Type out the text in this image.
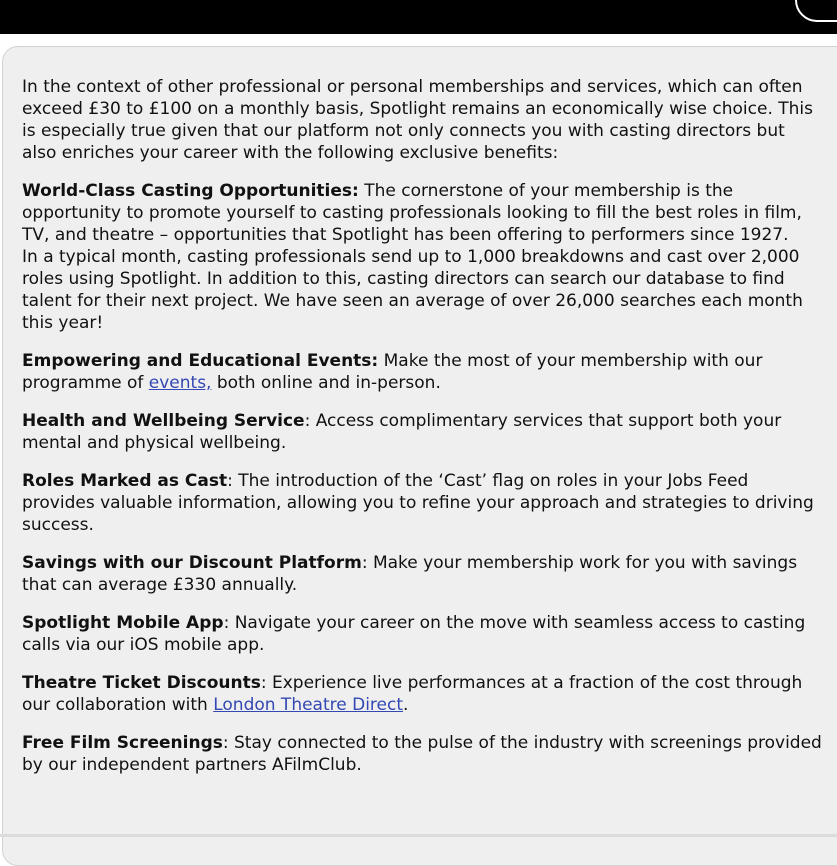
In the context of other professional or personal memberships and services, which can often exceed £30 to £100 on a monthly basis, Spotlight remains an economically wise choice. This is especially true given that our platform not only connects you with casting directors but also enriches your career with the following exclusive benefits:

World-Class Casting Opportunities: The cornerstone of your membership is the opportunity to promote yourself to casting professionals looking to fill the best roles in film, TV, and theatre – opportunities that Spotlight has been offering to performers since 1927.
In a typical month, casting professionals send up to 1,000 breakdowns and cast over 2,000 roles using Spotlight. In addition to this, casting directors can search our database to find talent for their next project. We have seen an average of over 26,000 searches each month this year!

Empowering and Educational Events: Make the most of your membership with our programme of events, both online and in-person.

Health and Wellbeing Service: Access complimentary services that support both your mental and physical wellbeing.

Roles Marked as Cast: The introduction of the ‘Cast’ flag on roles in your Jobs Feed provides valuable information, allowing you to refine your approach and strategies to driving success.

Savings with our Discount Platform: Make your membership work for you with savings that can average £330 annually.

Spotlight Mobile App: Navigate your career on the move with seamless access to casting calls via our iOS mobile app.

Theatre Ticket Discounts: Experience live performances at a fraction of the cost through our collaboration with London Theatre Direct.

Free Film Screenings: Stay connected to the pulse of the industry with screenings provided by our independent partners AFilmClub.
